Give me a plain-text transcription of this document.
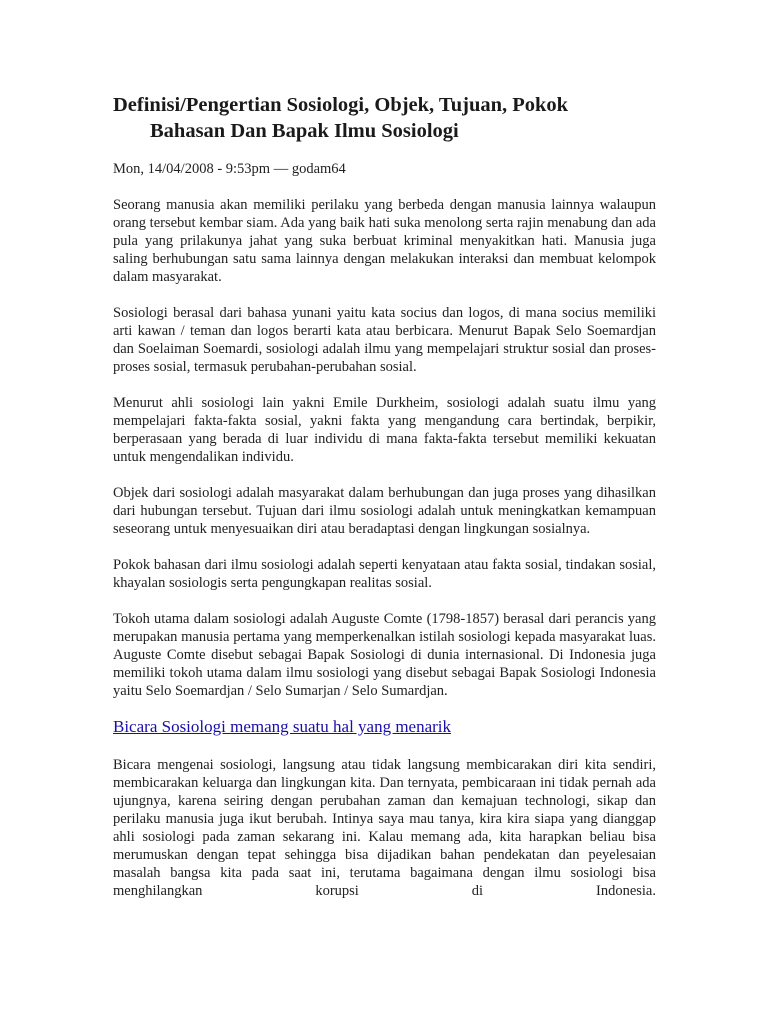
Definisi/Pengertian Sosiologi, Objek, Tujuan, Pokok
Bahasan Dan Bapak Ilmu Sosiologi

Mon, 14/04/2008 - 9:53pm — godam64

Seorang manusia akan memiliki perilaku yang berbeda dengan manusia lainnya walaupun orang tersebut kembar siam. Ada yang baik hati suka menolong serta rajin menabung dan ada pula yang prilakunya jahat yang suka berbuat kriminal menyakitkan hati. Manusia juga saling berhubungan satu sama lainnya dengan melakukan interaksi dan membuat kelompok dalam masyarakat.

Sosiologi berasal dari bahasa yunani yaitu kata socius dan logos, di mana socius memiliki arti kawan / teman dan logos berarti kata atau berbicara. Menurut Bapak Selo Soemardjan dan Soelaiman Soemardi, sosiologi adalah ilmu yang mempelajari struktur sosial dan proses-proses sosial, termasuk perubahan-perubahan sosial.

Menurut ahli sosiologi lain yakni Emile Durkheim, sosiologi adalah suatu ilmu yang mempelajari fakta-fakta sosial, yakni fakta yang mengandung cara bertindak, berpikir, berperasaan yang berada di luar individu di mana fakta-fakta tersebut memiliki kekuatan untuk mengendalikan individu.

Objek dari sosiologi adalah masyarakat dalam berhubungan dan juga proses yang dihasilkan dari hubungan tersebut. Tujuan dari ilmu sosiologi adalah untuk meningkatkan kemampuan seseorang untuk menyesuaikan diri atau beradaptasi dengan lingkungan sosialnya.

Pokok bahasan dari ilmu sosiologi adalah seperti kenyataan atau fakta sosial, tindakan sosial, khayalan sosiologis serta pengungkapan realitas sosial.

Tokoh utama dalam sosiologi adalah Auguste Comte (1798-1857) berasal dari perancis yang merupakan manusia pertama yang memperkenalkan istilah sosiologi kepada masyarakat luas. Auguste Comte disebut sebagai Bapak Sosiologi di dunia internasional. Di Indonesia juga memiliki tokoh utama dalam ilmu sosiologi yang disebut sebagai Bapak Sosiologi Indonesia yaitu Selo Soemardjan / Selo Sumarjan / Selo Sumardjan.

Bicara Sosiologi memang suatu hal yang menarik

Bicara mengenai sosiologi, langsung atau tidak langsung membicarakan diri kita sendiri, membicarakan keluarga dan lingkungan kita. Dan ternyata, pembicaraan ini tidak pernah ada ujungnya, karena seiring dengan perubahan zaman dan kemajuan technologi, sikap dan perilaku manusia juga ikut berubah. Intinya saya mau tanya, kira kira siapa yang dianggap ahli sosiologi pada zaman sekarang ini. Kalau memang ada, kita harapkan beliau bisa merumuskan dengan tepat sehingga bisa dijadikan bahan pendekatan dan peyelesaian masalah bangsa kita pada saat ini, terutama bagaimana dengan ilmu sosiologi bisa menghilangkan korupsi di Indonesia.
